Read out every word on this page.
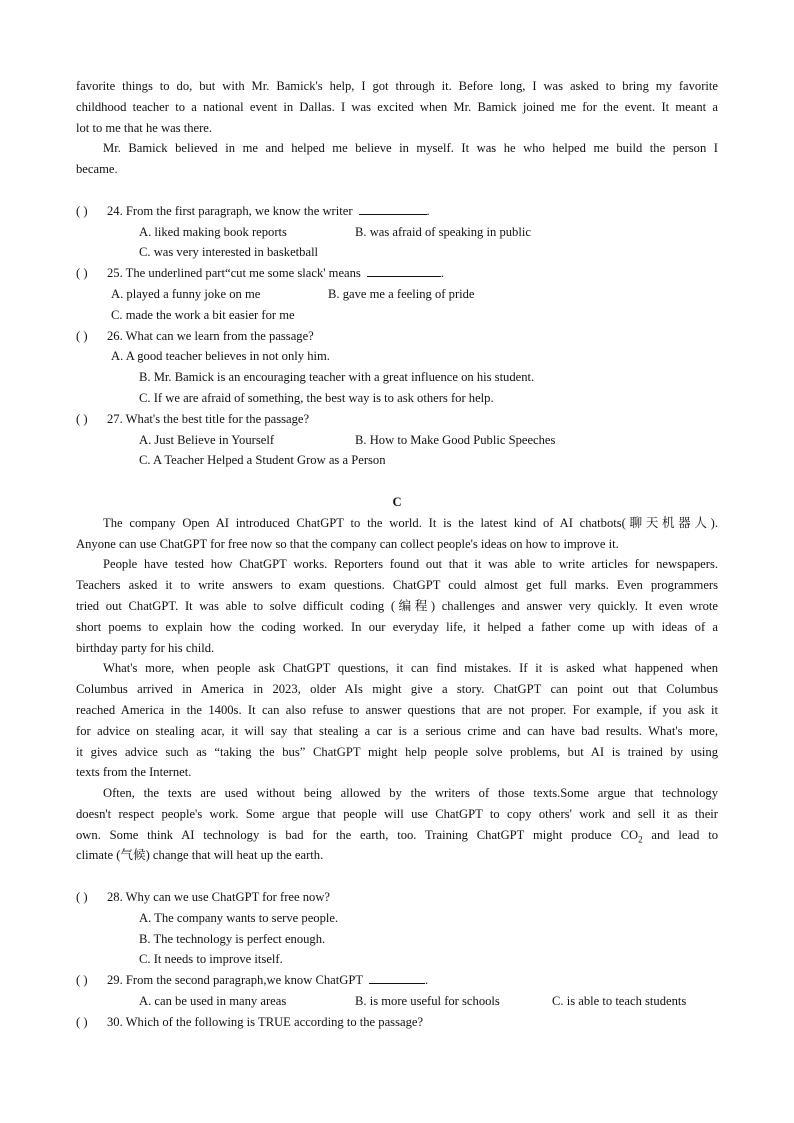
favorite things to do, but with Mr. Bamick's help, I got through it. Before long, I was asked to bring my favorite
childhood teacher to a national event in Dallas. I was excited when Mr. Bamick joined me for the event. It meant a
lot to me that he was there.
Mr. Bamick believed in me and helped me believe in myself. It was he who helped me build the person I
became.
( ) 24. From the first paragraph, we know the writer	.
A. liked making book reports	B. was afraid of speaking in public
C. was very interested in basketball
( ) 25. The underlined part“cut me some slack' means	.
A. played a funny joke on me	B. gave me a feeling of pride
C. made the work a bit easier for me
( ) 26. What can we learn from the passage?
A. A good teacher believes in not only him.
B. Mr. Bamick is an encouraging teacher with a great influence on his student.
C. If we are afraid of something, the best way is to ask others for help.
( ) 27. What's the best title for the passage?
A. Just Believe in Yourself	B. How to Make Good Public Speeches
C. A Teacher Helped a Student Grow as a Person
C
The company Open AI introduced ChatGPT to the world. It is the latest kind of AI chatbots(聊天机器人).
Anyone can use ChatGPT for free now so that the company can collect people's ideas on how to improve it.
People have tested how ChatGPT works. Reporters found out that it was able to write articles for newspapers.
Teachers asked it to write answers to exam questions. ChatGPT could almost get full marks. Even programmers
tried out ChatGPT. It was able to solve difficult coding (编程) challenges and answer very quickly. It even wrote
short poems to explain how the coding worked. In our everyday life, it helped a father come up with ideas of a
birthday party for his child.
What's more, when people ask ChatGPT questions, it can find mistakes. If it is asked what happened when
Columbus arrived in America in 2023, older AIs might give a story. ChatGPT can point out that Columbus
reached America in the 1400s. It can also refuse to answer questions that are not proper. For example, if you ask it
for advice on stealing acar, it will say that stealing a car is a serious crime and can have bad results. What's more,
it gives advice such as “taking the bus” ChatGPT might help people solve problems, but AI is trained by using
texts from the Internet.
Often, the texts are used without being allowed by the writers of those texts.Some argue that technology
doesn't respect people's work. Some argue that people will use ChatGPT to copy others' work and sell it as their
own. Some think AI technology is bad for the earth, too. Training ChatGPT might produce $CO_2$ and lead to
climate (气候) change that will heat up the earth.
( ) 28. Why can we use ChatGPT for free now?
A. The company wants to serve people.
B. The technology is perfect enough.
C. It needs to improve itself.
( ) 29. From the second paragraph,we know ChatGPT	.
A. can be used in many areas	B. is more useful for schools	C. is able to teach students
( ) 30. Which of the following is TRUE according to the passage?
